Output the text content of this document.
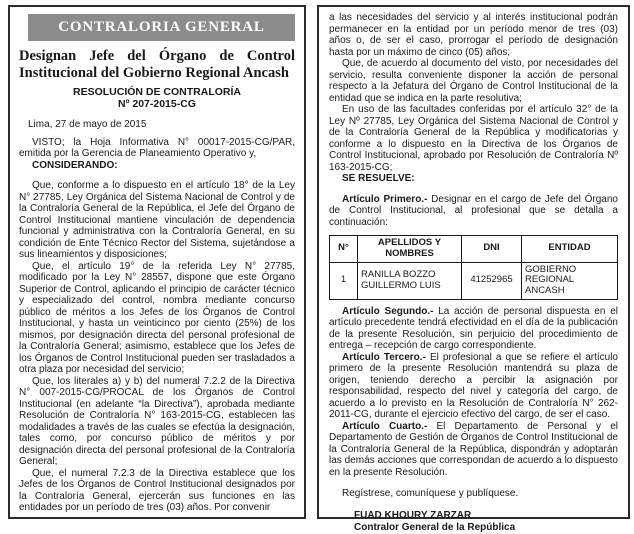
CONTRALORIA GENERAL
Designan Jefe del Órgano de Control Institucional del Gobierno Regional Ancash
RESOLUCIÓN DE CONTRALORÍA
Nº 207-2015-CG

Lima, 27 de mayo de 2015

VISTO; la Hoja Informativa N° 00017-2015-CG/PAR, emitida por la Gerencia de Planeamiento Operativo y,

CONSIDERANDO:

Que, conforme a lo dispuesto en el artículo 18° de la Ley N° 27785, Ley Orgánica del Sistema Nacional de Control y de la Contraloría General de la República, el Jefe del Órgano de Control Institucional mantiene vinculación de dependencia funcional y administrativa con la Contraloría General, en su condición de Ente Técnico Rector del Sistema, sujetándose a sus lineamientos y disposiciones;

Que, el artículo 19° de la referida Ley N° 27785, modificado por la Ley N° 28557, dispone que este Órgano Superior de Control, aplicando el principio de carácter técnico y especializado del control, nombra mediante concurso público de méritos a los Jefes de los Órganos de Control Institucional, y hasta un veinticinco por ciento (25%) de los mismos, por designación directa del personal profesional de la Contraloría General; asimismo, establece que los Jefes de los Órganos de Control Institucional pueden ser trasladados a otra plaza por necesidad del servicio;

Que, los literales a) y b) del numeral 7.2.2 de la Directiva N° 007-2015-CG/PROCAL de los Órganos de Control Institucional (en adelante “la Directiva”), aprobada mediante Resolución de Contraloría N° 163-2015-CG, establecen las modalidades a través de las cuales se efectúa la designación, tales como, por concurso público de méritos y por designación directa del personal profesional de la Contraloría General;

Que, el numeral 7.2.3 de la Directiva establece que los Jefes de los Órganos de Control Institucional designados por la Contraloría General, ejercerán sus funciones en las entidades por un período de tres (03) años. Por convenir

a las necesidades del servicio y al interés institucional podrán permanecer en la entidad por un período menor de tres (03) años o, de ser el caso, prorrogar el período de designación hasta por un máximo de cinco (05) años;

Que, de acuerdo al documento del visto, por necesidades del servicio, resulta conveniente disponer la acción de personal respecto a la Jefatura del Órgano de Control Institucional de la entidad que se indica en la parte resolutiva;

En uso de las facultades conferidas por el artículo 32° de la Ley Nº 27785, Ley Orgánica del Sistema Nacional de Control y de la Contraloría General de la República y modificatorias y conforme a lo dispuesto en la Directiva de los Órganos de Control Institucional, aprobado por Resolución de Contraloría Nº 163-2015-CG;

SE RESUELVE:

Artículo Primero.- Designar en el cargo de Jefe del Órgano de Control Institucional, al profesional que se detalla a continuación:

N°	APELLIDOS Y NOMBRES	DNI	ENTIDAD
1	RANILLA BOZZO GUILLERMO LUIS	41252965	GOBIERNO REGIONAL ANCASH

Artículo Segundo.- La acción de personal dispuesta en el artículo precedente tendrá efectividad en el día de la publicación de la presente Resolución, sin perjuicio del procedimiento de entrega – recepción de cargo correspondiente.

Artículo Tercero.- El profesional a que se refiere el artículo primero de la presente Resolución mantendrá su plaza de origen, teniendo derecho a percibir la asignación por responsabilidad, respecto del nivel y categoría del cargo, de acuerdo a lo previsto en la Resolución de Contraloría N° 262-2011-CG, durante el ejercicio efectivo del cargo, de ser el caso.

Artículo Cuarto.- El Departamento de Personal y el Departamento de Gestión de Órganos de Control Institucional de la Contraloría General de la República, dispondrán y adoptarán las demás acciones que correspondan de acuerdo a lo dispuesto en la presente Resolución.

Regístrese, comuníquese y publíquese.

FUAD KHOURY ZARZAR
Contralor General de la República
